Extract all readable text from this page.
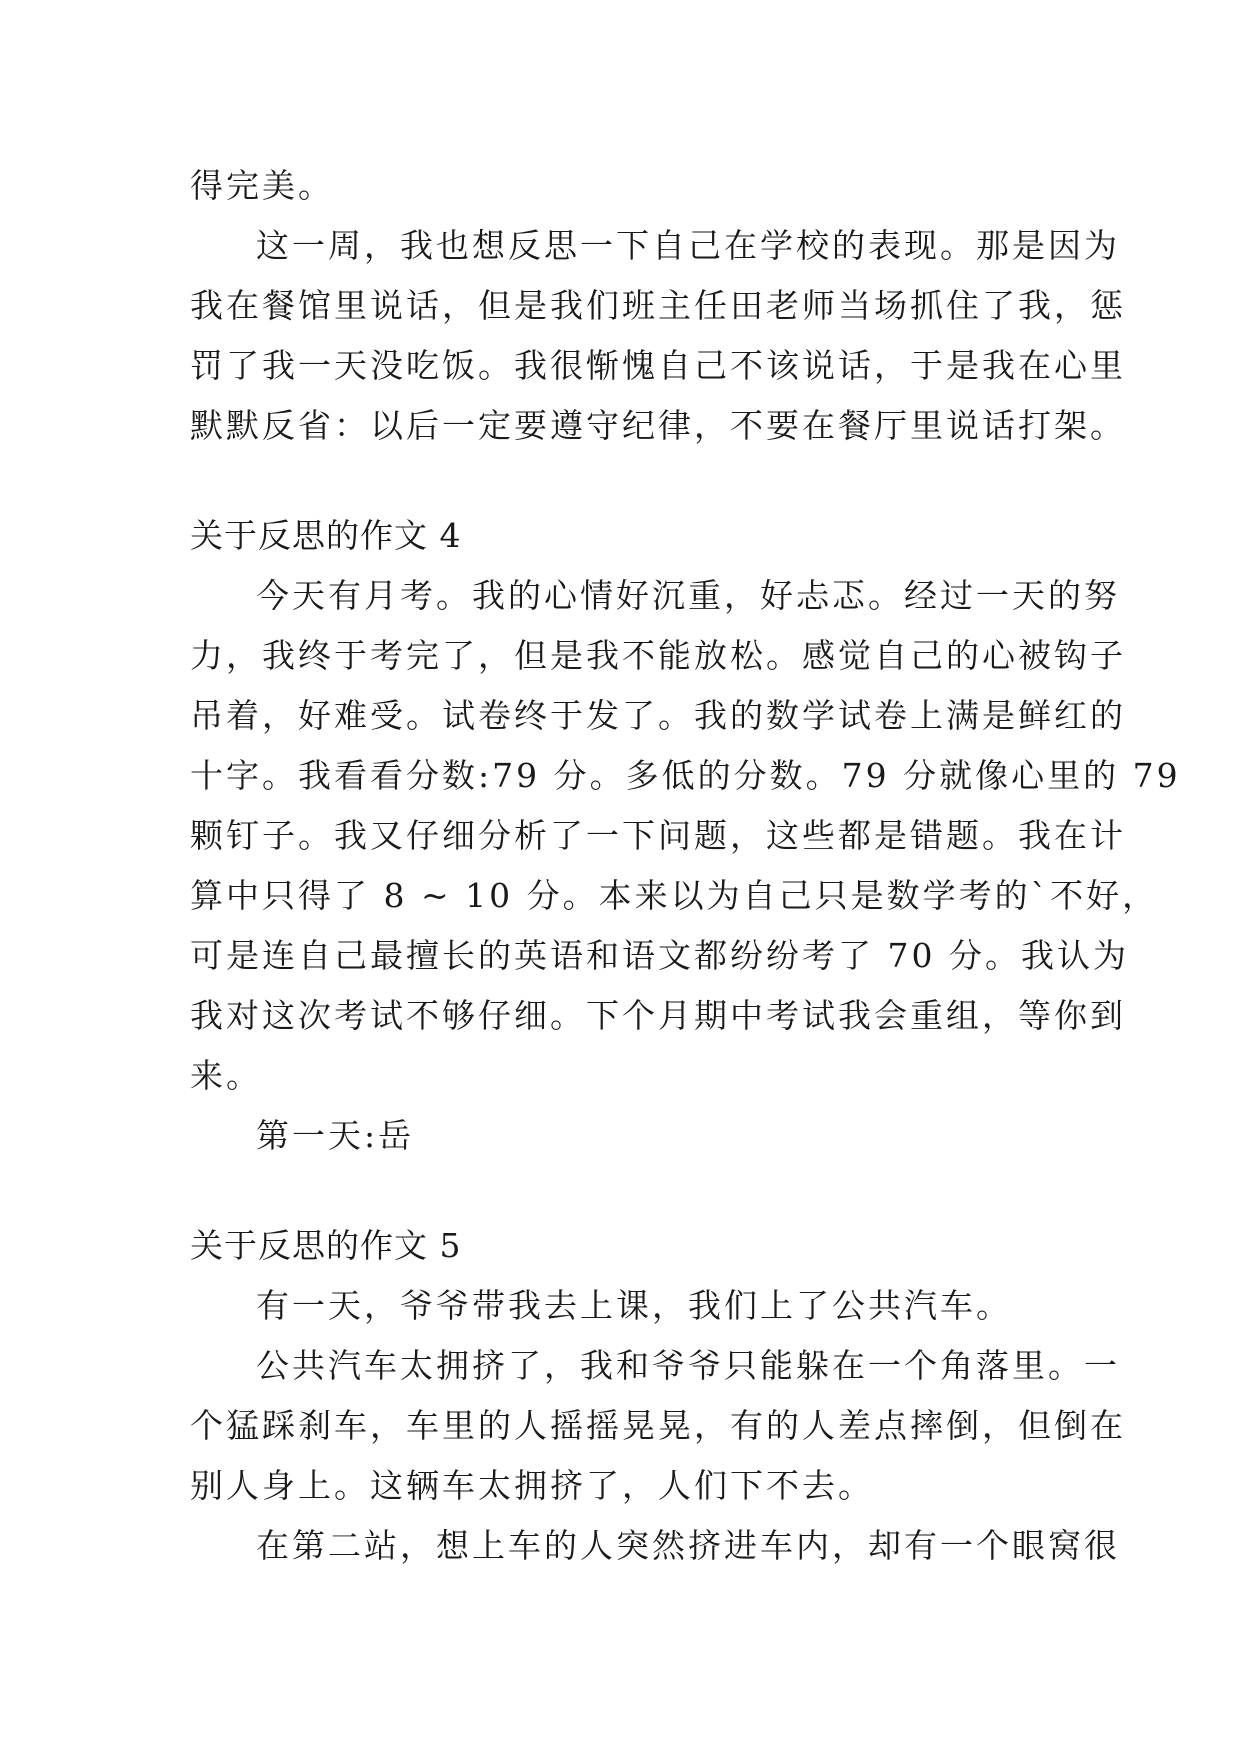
得完美。
这一周，我也想反思一下自己在学校的表现。那是因为
我在餐馆里说话，但是我们班主任田老师当场抓住了我，惩
罚了我一天没吃饭。我很惭愧自己不该说话，于是我在心里
默默反省：以后一定要遵守纪律，不要在餐厅里说话打架。
关于反思的作文 4
今天有月考。我的心情好沉重，好忐忑。经过一天的努
力，我终于考完了，但是我不能放松。感觉自己的心被钩子
吊着，好难受。试卷终于发了。我的数学试卷上满是鲜红的
十字。我看看分数:79 分。多低的分数。79 分就像心里的 79
颗钉子。我又仔细分析了一下问题，这些都是错题。我在计
算中只得了 8 ~ 10 分。本来以为自己只是数学考的`不好，
可是连自己最擅长的英语和语文都纷纷考了 70 分。我认为
我对这次考试不够仔细。下个月期中考试我会重组，等你到
来。
第一天:岳
关于反思的作文 5
有一天，爷爷带我去上课，我们上了公共汽车。
公共汽车太拥挤了，我和爷爷只能躲在一个角落里。一
个猛踩刹车，车里的人摇摇晃晃，有的人差点摔倒，但倒在
别人身上。这辆车太拥挤了，人们下不去。
在第二站，想上车的人突然挤进车内，却有一个眼窝很
